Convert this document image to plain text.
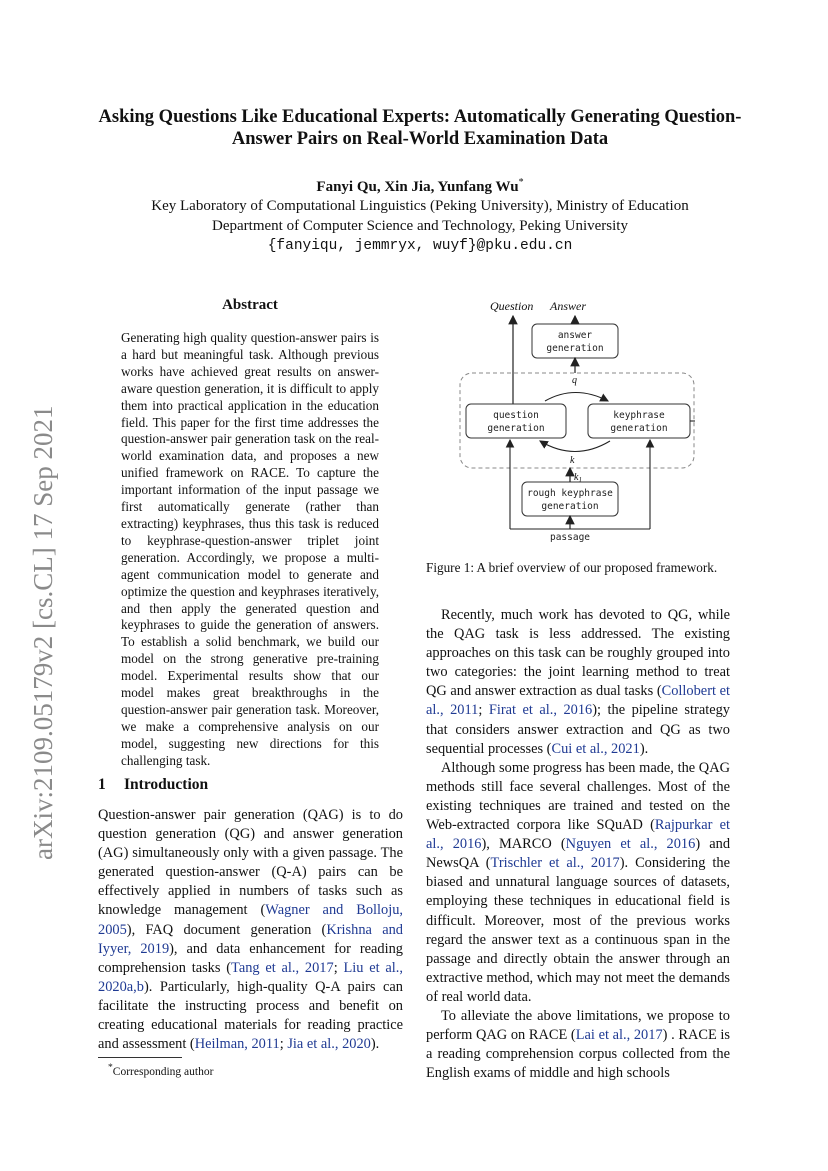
arXiv:2109.05179v2 [cs.CL] 17 Sep 2021
Asking Questions Like Educational Experts: Automatically Generating Question-Answer Pairs on Real-World Examination Data
Fanyi Qu, Xin Jia, Yunfang Wu*
Key Laboratory of Computational Linguistics (Peking University), Ministry of Education
Department of Computer Science and Technology, Peking University
{fanyiqu, jemmryx, wuyf}@pku.edu.cn
Abstract
Generating high quality question-answer pairs is a hard but meaningful task. Although previous works have achieved great results on answer-aware question generation, it is difficult to apply them into practical application in the education field. This paper for the first time addresses the question-answer pair generation task on the real-world examination data, and proposes a new unified framework on RACE. To capture the important information of the input passage we first automatically generate (rather than extracting) keyphrases, thus this task is reduced to keyphrase-question-answer triplet joint generation. Accordingly, we propose a multi-agent communication model to generate and optimize the question and keyphrases iteratively, and then apply the generated question and keyphrases to guide the generation of answers. To establish a solid benchmark, we build our model on the strong generative pre-training model. Experimental results show that our model makes great breakthroughs in the question-answer pair generation task. Moreover, we make a comprehensive analysis on our model, suggesting new directions for this challenging task.
1 Introduction

Question-answer pair generation (QAG) is to do question generation (QG) and answer generation (AG) simultaneously only with a given passage. The generated question-answer (Q-A) pairs can be effectively applied in numbers of tasks such as knowledge management (Wagner and Bolloju, 2005), FAQ document generation (Krishna and Iyyer, 2019), and data enhancement for reading comprehension tasks (Tang et al., 2017; Liu et al., 2020a,b). Particularly, high-quality Q-A pairs can facilitate the instructing process and benefit on creating educational materials for reading practice and assessment (Heilman, 2011; Jia et al., 2020).

*Corresponding author
Question Answer
answer
generation
q
question
generation
keyphrase
generation
k
rough keyphrase
generation
$k_1$
passage
Figure 1: A brief overview of our proposed framework.

Recently, much work has devoted to QG, while the QAG task is less addressed. The existing approaches on this task can be roughly grouped into two categories: the joint learning method to treat QG and answer extraction as dual tasks (Collobert et al., 2011; Firat et al., 2016); the pipeline strategy that considers answer extraction and QG as two sequential processes (Cui et al., 2021).

Although some progress has been made, the QAG methods still face several challenges. Most of the existing techniques are trained and tested on the Web-extracted corpora like SQuAD (Rajpurkar et al., 2016), MARCO (Nguyen et al., 2016) and NewsQA (Trischler et al., 2017). Considering the biased and unnatural language sources of datasets, employing these techniques in educational field is difficult. Moreover, most of the previous works regard the answer text as a continuous span in the passage and directly obtain the answer through an extractive method, which may not meet the demands of real world data.

To alleviate the above limitations, we propose to perform QAG on RACE (Lai et al., 2017) . RACE is a reading comprehension corpus collected from the English exams of middle and high schools
